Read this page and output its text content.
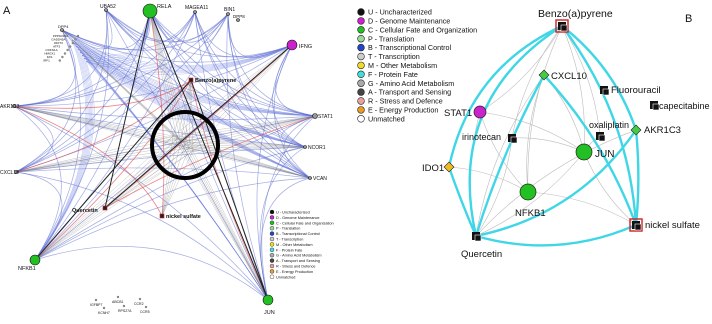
A	RELA
UBA52	MAGEA11	BIN1
DPP8
DPP4
IFNG
Benzo(a)pyrene
AKR1C3
STAT1
NCOR1
VCAN
CXCL10
Quercetin
nickel sulfate
NFKB1
JUN
PPP1R15A
GADD45A
DDIT3
ATF3
CDKN1A
HMOX1
FAS
IRF1
IGFBP7
KCNH7
ABCB1
RPS27A
CCR2
CCR5
U - Uncharacterized
D - Genome Maintenance
C - Cellular Fate and Organization
P - Translation
B - Transcriptional Control
T - Transcription
M - Other Metabolism
F - Protein Fate
G - Amino Acid Metabolism
A - Transport and Sensing
R - Stress and Defence
E - Energy Production
Unmatched
U - Uncharacterized
D - Genome Maintenance
C - Cellular Fate and Organization
P - Translation
B - Transcriptional Control
T - Transcription
M - Other Metabolism
F - Protein Fate
G - Amino Acid Metabolism
A - Transport and Sensing
R - Stress and Defence
E - Energy Production
Unmatched
B
Benzo(a)pyrene
CXCL10
Fluorouracil
capecitabine
STAT1
irinotecan
oxaliplatin AKR1C3
JUN
IDO1
NFKB1
Quercetin
nickel sulfate
